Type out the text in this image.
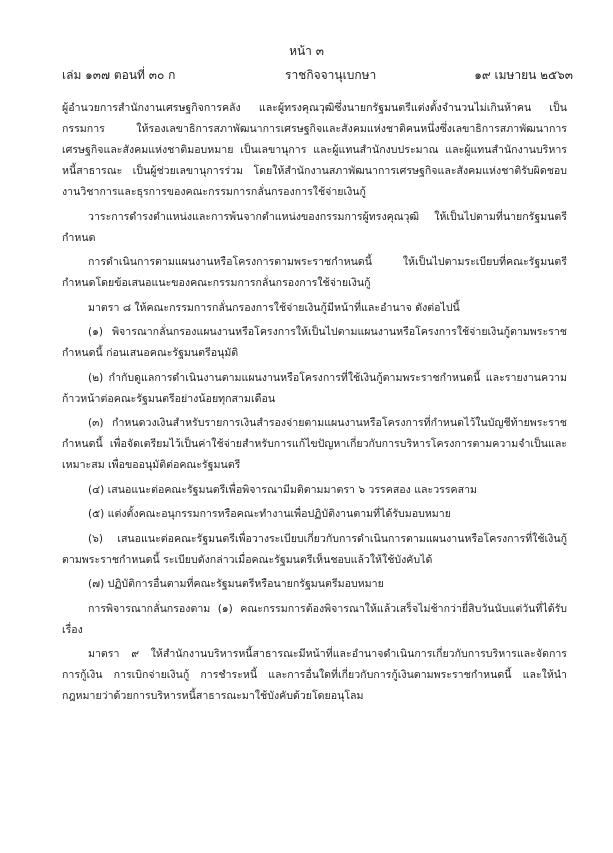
หน้า ๓
เล่ม ๑๓๗ ตอนที่ ๓๐ ก	ราชกิจจานุเบกษา	๑๙ เมษายน ๒๕๖๓

ผู้อำนวยการสำนักงานเศรษฐกิจการคลัง และผู้ทรงคุณวุฒิซึ่งนายกรัฐมนตรีแต่งตั้งจำนวนไม่เกินห้าคน เป็นกรรมการ ให้รองเลขาธิการสภาพัฒนาการเศรษฐกิจและสังคมแห่งชาติคนหนึ่งซึ่งเลขาธิการสภาพัฒนาการเศรษฐกิจและสังคมแห่งชาติมอบหมาย เป็นเลขานุการ และผู้แทนสำนักงบประมาณ และผู้แทนสำนักงานบริหารหนี้สาธารณะ เป็นผู้ช่วยเลขานุการร่วม โดยให้สำนักงานสภาพัฒนาการเศรษฐกิจและสังคมแห่งชาติรับผิดชอบงานวิชาการและธุรการของคณะกรรมการกลั่นกรองการใช้จ่ายเงินกู้

วาระการดำรงตำแหน่งและการพ้นจากตำแหน่งของกรรมการผู้ทรงคุณวุฒิ ให้เป็นไปตามที่นายกรัฐมนตรีกำหนด

การดำเนินการตามแผนงานหรือโครงการตามพระราชกำหนดนี้ ให้เป็นไปตามระเบียบที่คณะรัฐมนตรีกำหนดโดยข้อเสนอแนะของคณะกรรมการกลั่นกรองการใช้จ่ายเงินกู้

มาตรา ๘ ให้คณะกรรมการกลั่นกรองการใช้จ่ายเงินกู้มีหน้าที่และอำนาจ ดังต่อไปนี้

(๑) พิจารณากลั่นกรองแผนงานหรือโครงการให้เป็นไปตามแผนงานหรือโครงการใช้จ่ายเงินกู้ตามพระราชกำหนดนี้ ก่อนเสนอคณะรัฐมนตรีอนุมัติ

(๒) กำกับดูแลการดำเนินงานตามแผนงานหรือโครงการที่ใช้เงินกู้ตามพระราชกำหนดนี้ และรายงานความก้าวหน้าต่อคณะรัฐมนตรีอย่างน้อยทุกสามเดือน

(๓) กำหนดวงเงินสำหรับรายการเงินสำรองจ่ายตามแผนงานหรือโครงการที่กำหนดไว้ในบัญชีท้ายพระราชกำหนดนี้ เพื่อจัดเตรียมไว้เป็นค่าใช้จ่ายสำหรับการแก้ไขปัญหาเกี่ยวกับการบริหารโครงการตามความจำเป็นและเหมาะสม เพื่อขออนุมัติต่อคณะรัฐมนตรี

(๔) เสนอแนะต่อคณะรัฐมนตรีเพื่อพิจารณามีมติตามมาตรา ๖ วรรคสอง และวรรคสาม

(๕) แต่งตั้งคณะอนุกรรมการหรือคณะทำงานเพื่อปฏิบัติงานตามที่ได้รับมอบหมาย

(๖) เสนอแนะต่อคณะรัฐมนตรีเพื่อวางระเบียบเกี่ยวกับการดำเนินการตามแผนงานหรือโครงการที่ใช้เงินกู้ตามพระราชกำหนดนี้ ระเบียบดังกล่าวเมื่อคณะรัฐมนตรีเห็นชอบแล้วให้ใช้บังคับได้

(๗) ปฏิบัติการอื่นตามที่คณะรัฐมนตรีหรือนายกรัฐมนตรีมอบหมาย

การพิจารณากลั่นกรองตาม (๑) คณะกรรมการต้องพิจารณาให้แล้วเสร็จไม่ช้ากว่ายี่สิบวันนับแต่วันที่ได้รับเรื่อง

มาตรา ๙ ให้สำนักงานบริหารหนี้สาธารณะมีหน้าที่และอำนาจดำเนินการเกี่ยวกับการบริหารและจัดการการกู้เงิน การเบิกจ่ายเงินกู้ การชำระหนี้ และการอื่นใดที่เกี่ยวกับการกู้เงินตามพระราชกำหนดนี้ และให้นำกฎหมายว่าด้วยการบริหารหนี้สาธารณะมาใช้บังคับด้วยโดยอนุโลม
